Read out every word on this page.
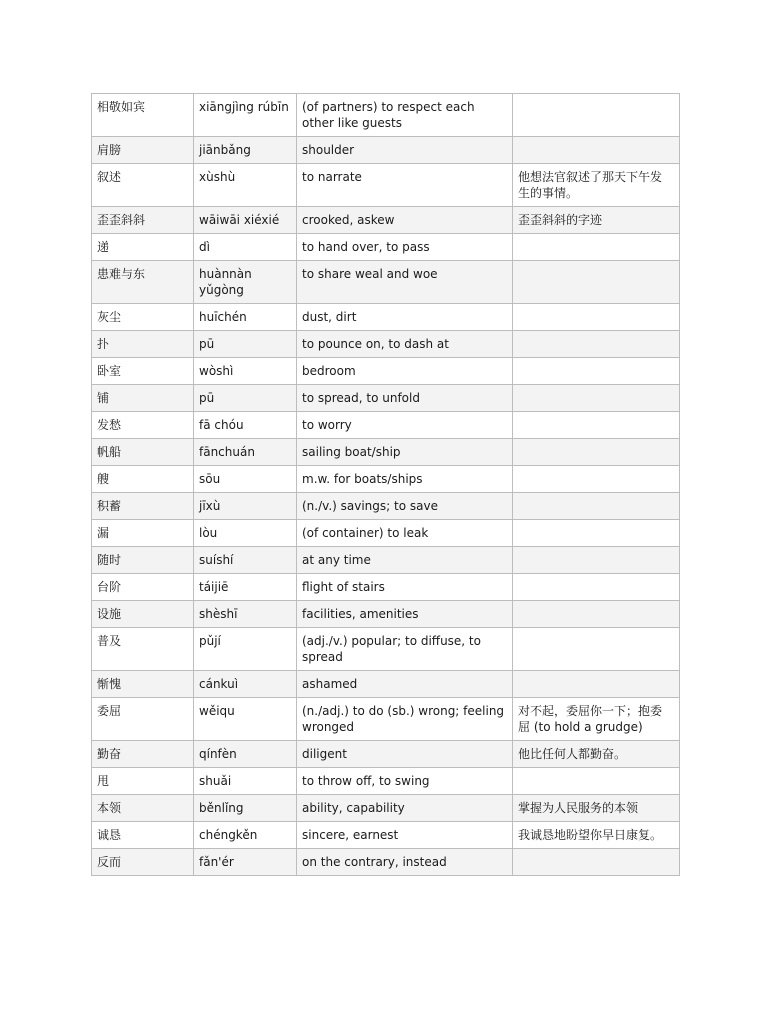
相敬如宾	xiāngjìng rúbīn	(of partners) to respect each other like guests	
肩膀	jiānbǎng	shoulder	
叙述	xùshù	to narrate	他想法官叙述了那天下午发生的事情。
歪歪斜斜	wāiwāi xiéxié	crooked, askew	歪歪斜斜的字迹
递	dì	to hand over, to pass	
患难与东	huànnàn yǔgòng	to share weal and woe	
灰尘	huīchén	dust, dirt	
扑	pū	to pounce on, to dash at	
卧室	wòshì	bedroom	
铺	pū	to spread, to unfold	
发愁	fā chóu	to worry	
帆船	fānchuán	sailing boat/ship	
艘	sōu	m.w. for boats/ships	
积蓄	jīxù	(n./v.) savings; to save	
漏	lòu	(of container) to leak	
随时	suíshí	at any time	
台阶	táijiē	flight of stairs	
设施	shèshī	facilities, amenities	
普及	pǔjí	(adj./v.) popular; to diffuse, to spread	
惭愧	cánkuì	ashamed	
委屈	wěiqu	(n./adj.) to do (sb.) wrong; feeling wronged	对不起，委屈你一下；抱委屈 (to hold a grudge)
勤奋	qínfèn	diligent	他比任何人都勤奋。
甩	shuǎi	to throw off, to swing	
本领	běnlǐng	ability, capability	掌握为人民服务的本领
诚恳	chéngkěn	sincere, earnest	我诚恳地盼望你早日康复。
反而	fǎn'ér	on the contrary, instead	
